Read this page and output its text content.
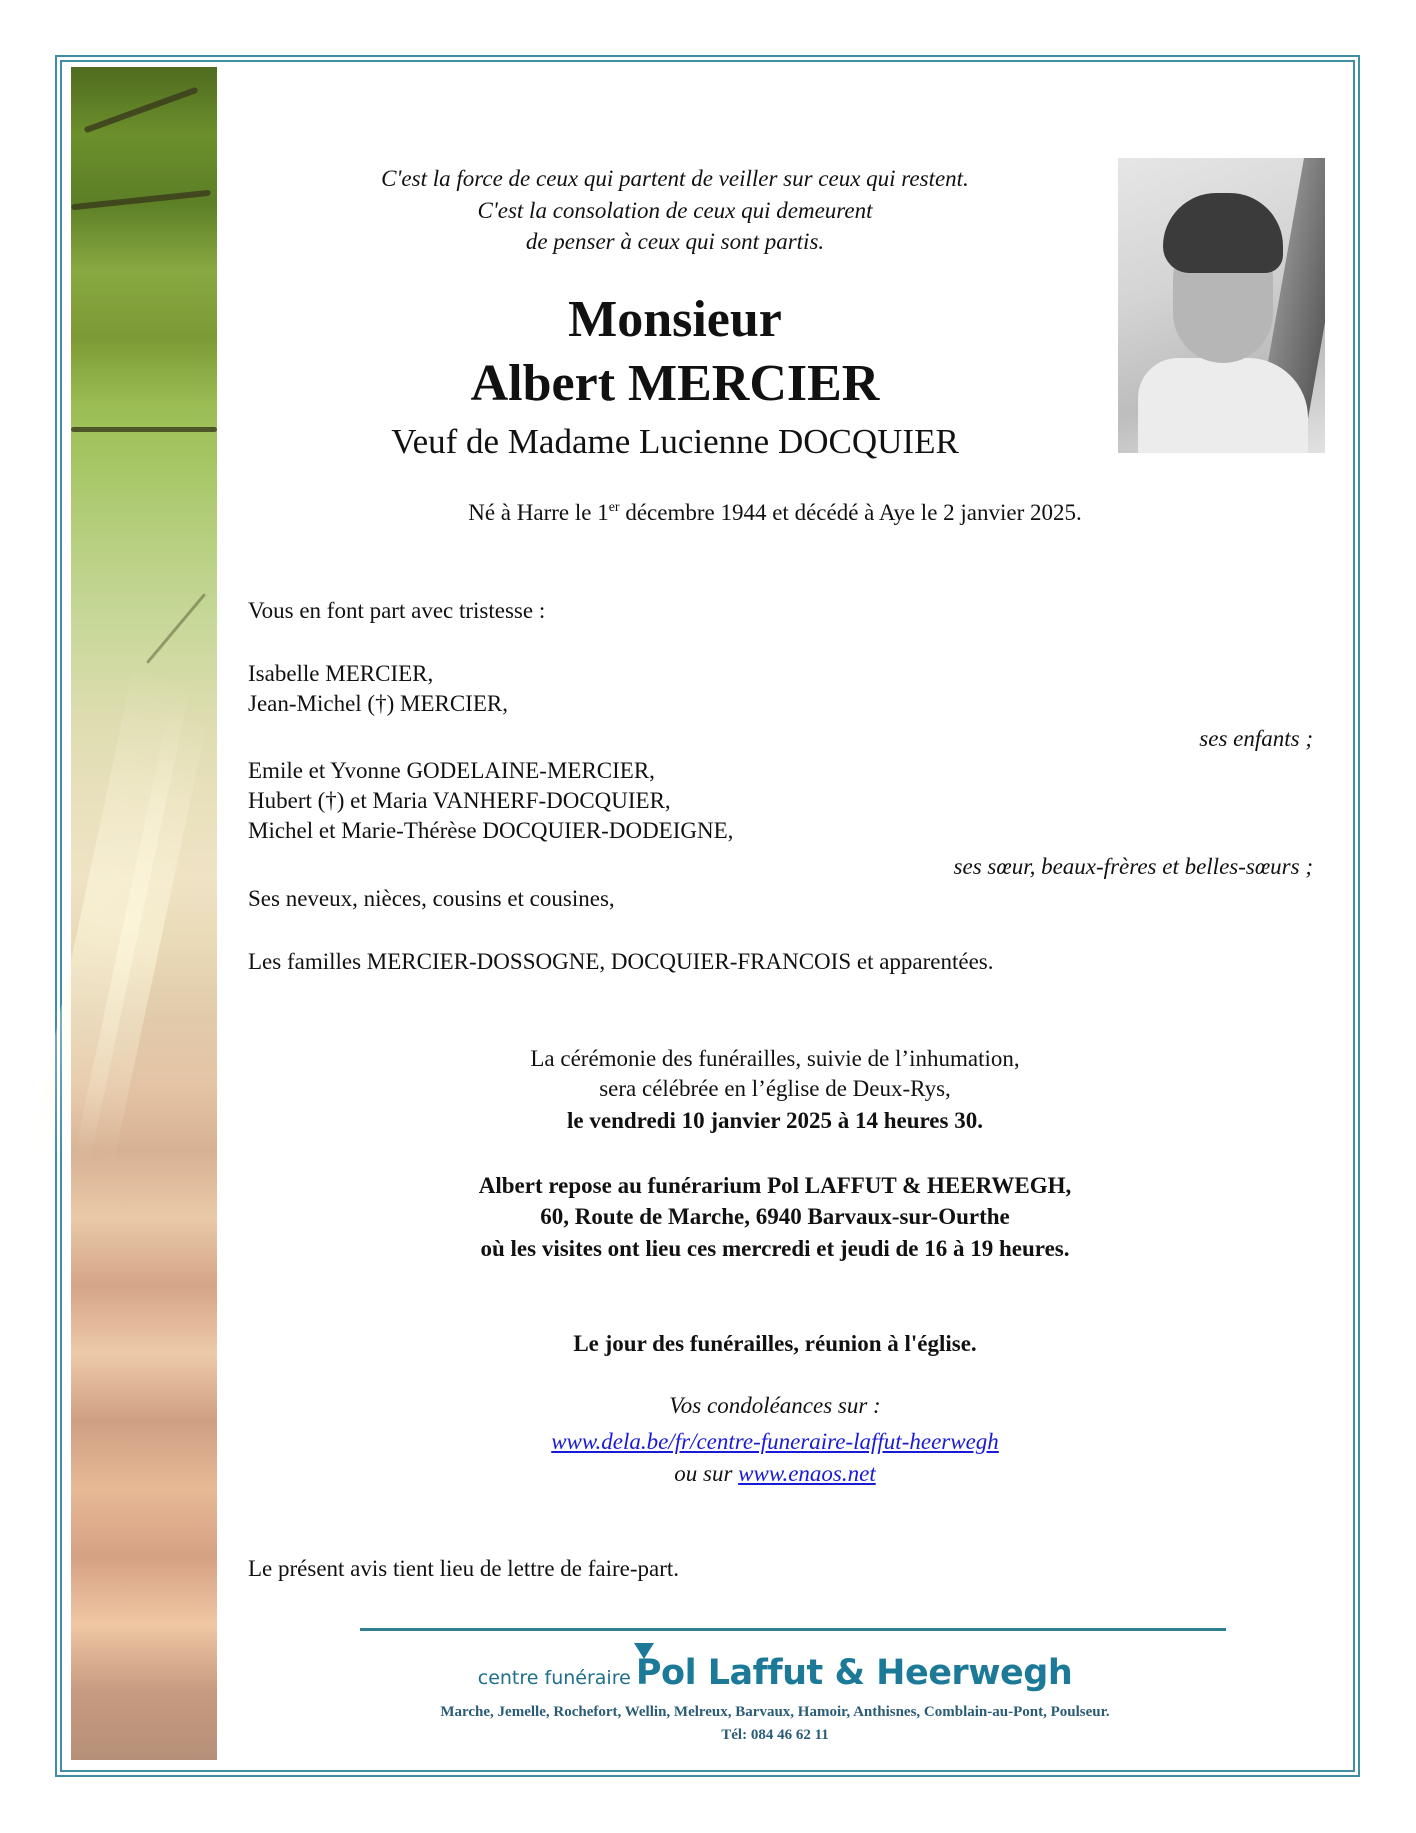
C'est la force de ceux qui partent de veiller sur ceux qui restent.
C'est la consolation de ceux qui demeurent
de penser à ceux qui sont partis.
Monsieur
Albert MERCIER
Veuf de Madame Lucienne DOCQUIER
Né à Harre le 1er décembre 1944 et décédé à Aye le 2 janvier 2025.
Vous en font part avec tristesse :
Isabelle MERCIER,
Jean-Michel (†) MERCIER,
ses enfants ;
Emile et Yvonne GODELAINE-MERCIER,
Hubert (†) et Maria VANHERF-DOCQUIER,
Michel et Marie-Thérèse DOCQUIER-DODEIGNE,
ses sœur, beaux-frères et belles-sœurs ;
Ses neveux, nièces, cousins et cousines,
Les familles MERCIER-DOSSOGNE, DOCQUIER-FRANCOIS et apparentées.
La cérémonie des funérailles, suivie de l’inhumation,
sera célébrée en l’église de Deux-Rys,
le vendredi 10 janvier 2025 à 14 heures 30.
Albert repose au funérarium Pol LAFFUT & HEERWEGH,
60, Route de Marche, 6940 Barvaux-sur-Ourthe
où les visites ont lieu ces mercredi et jeudi de 16 à 19 heures.
Le jour des funérailles, réunion à l'église.
Vos condoléances sur :
www.dela.be/fr/centre-funeraire-laffut-heerwegh
ou sur www.enaos.net
Le présent avis tient lieu de lettre de faire-part.
centre funéraire Pol Laffut & Heerwegh
Marche, Jemelle, Rochefort, Wellin, Melreux, Barvaux, Hamoir, Anthisnes, Comblain-au-Pont, Poulseur.
Tél: 084 46 62 11
